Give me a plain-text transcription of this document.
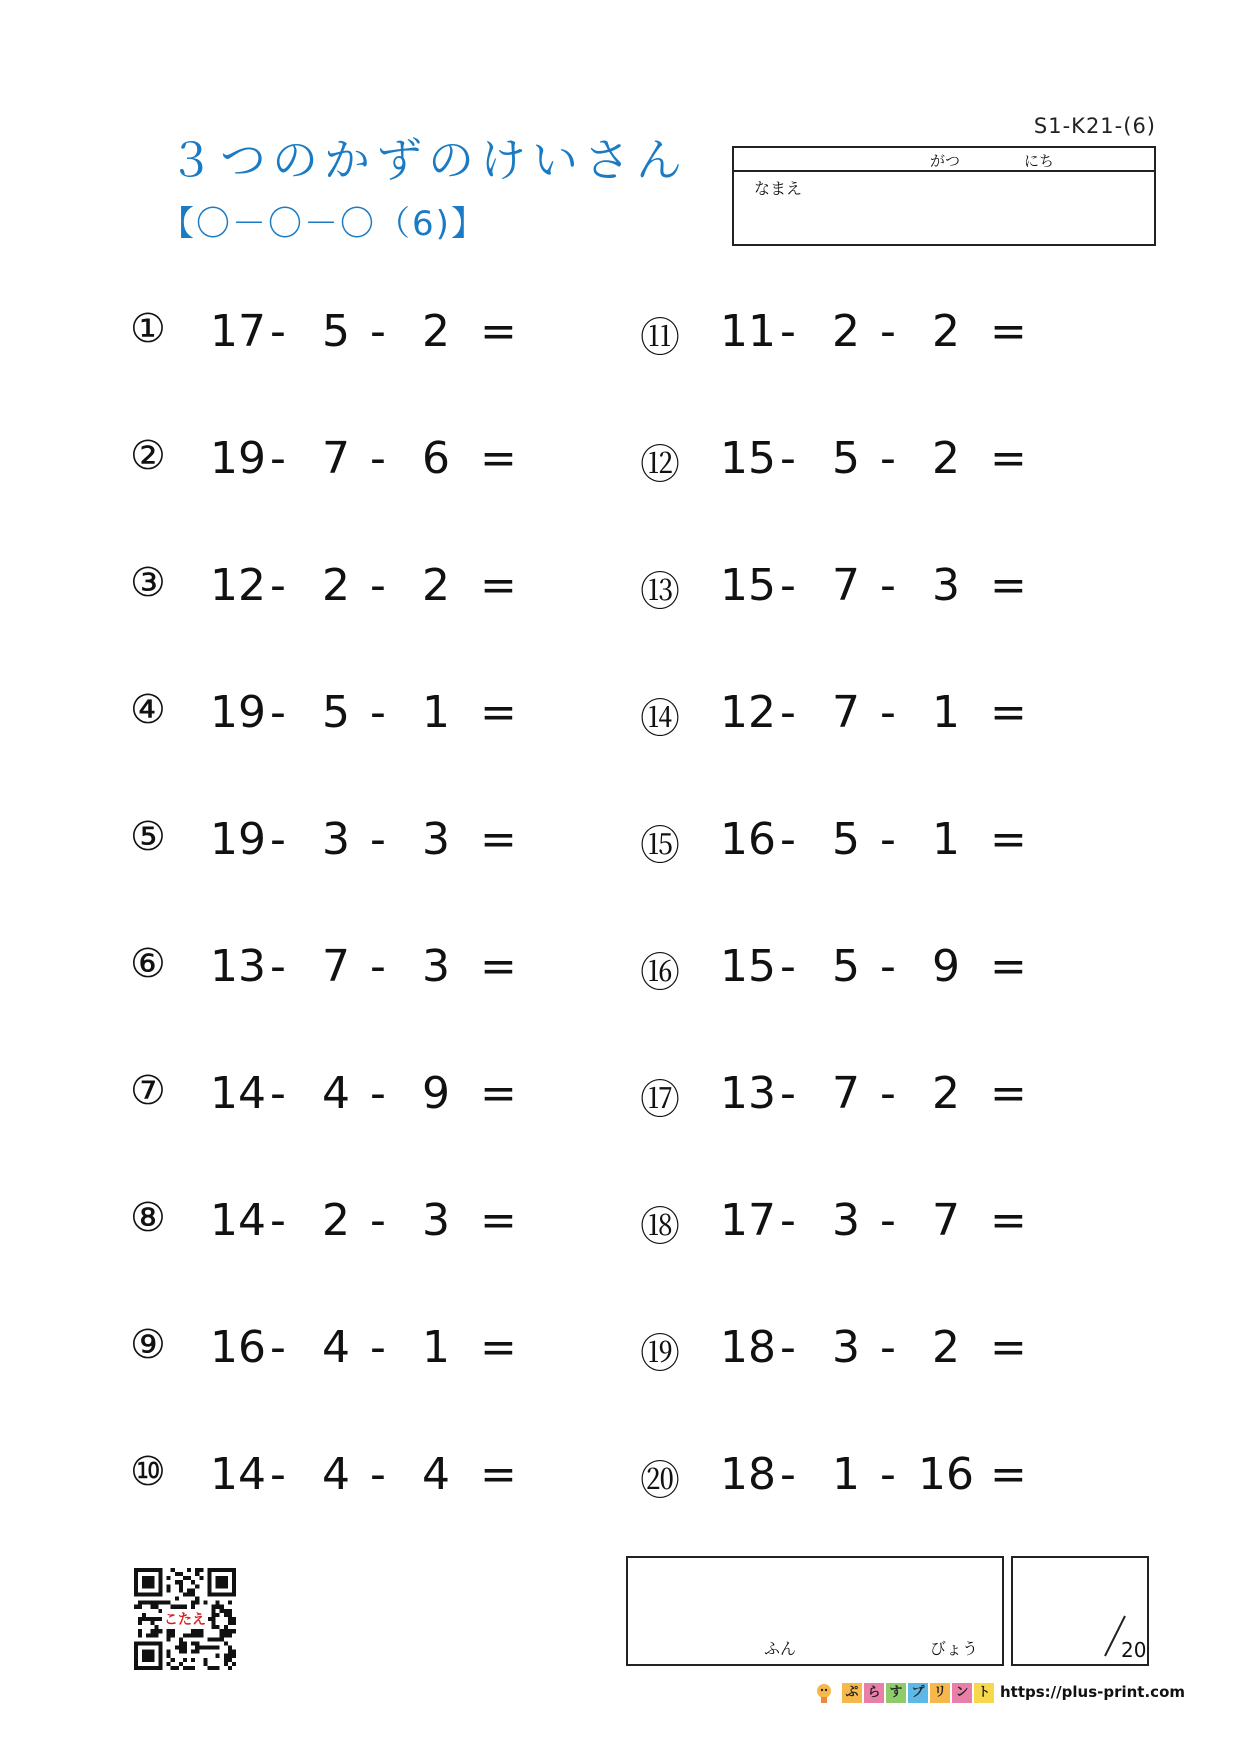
S1-K21-(6)
３つのかずのけいさん
【〇－〇－〇（6)】
がつ	にち
なまえ
① 17 - 5 - 2 =
② 19 - 7 - 6 =
③ 12 - 2 - 2 =
④ 19 - 5 - 1 =
⑤ 19 - 3 - 3 =
⑥ 13 - 7 - 3 =
⑦ 14 - 4 - 9 =
⑧ 14 - 2 - 3 =
⑨ 16 - 4 - 1 =
⑩ 14 - 4 - 4 =
⑪ 11 - 2 - 2 =
⑫ 15 - 5 - 2 =
⑬ 15 - 7 - 3 =
⑭ 12 - 7 - 1 =
⑮ 16 - 5 - 1 =
⑯ 15 - 5 - 9 =
⑰ 13 - 7 - 2 =
⑱ 17 - 3 - 7 =
⑲ 18 - 3 - 2 =
⑳ 18 - 1 - 16 =
こたえ
ふん	びょう	20
ぷ ら す プ リ ン ト https://plus-print.com
